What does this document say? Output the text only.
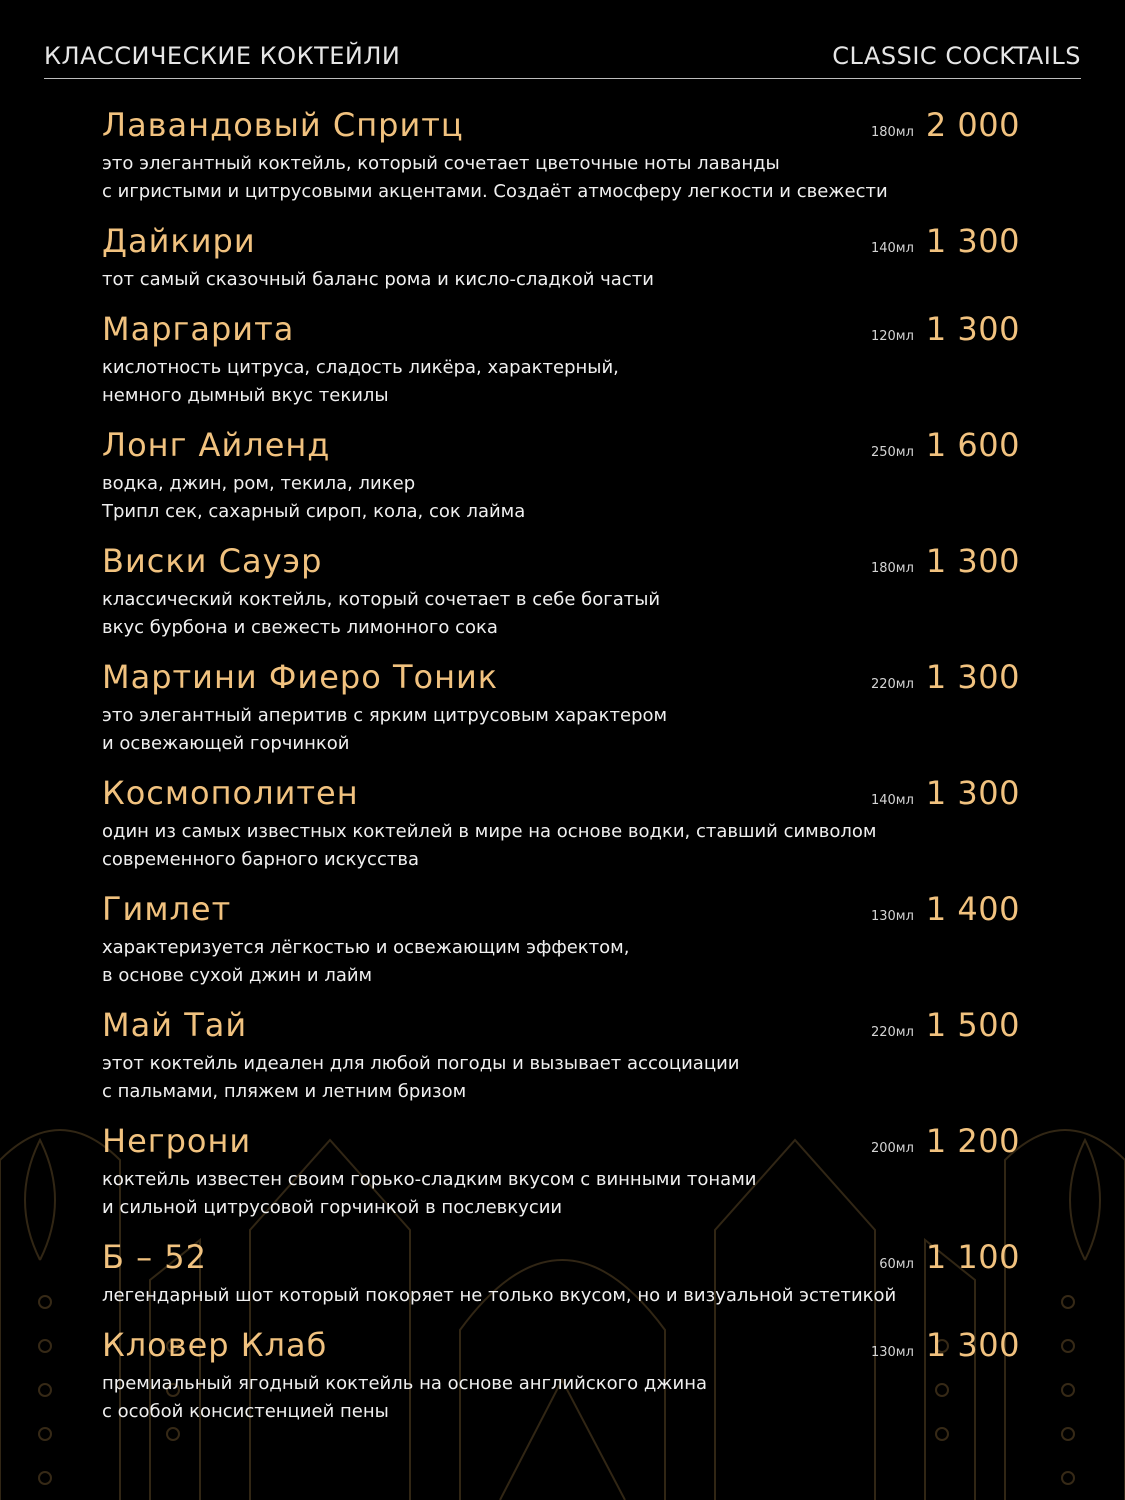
КЛАССИЧЕСКИЕ КОКТЕЙЛИ	CLASSIC COCKTAILS
Лавандовый Спритц	180мл 2 000
это элегантный коктейль, который сочетает цветочные ноты лаванды
с игристыми и цитрусовыми акцентами. Создаёт атмосферу легкости и свежести
Дайкири	140мл 1 300
тот самый сказочный баланс рома и кисло-сладкой части
Маргарита	120мл 1 300
кислотность цитруса, сладость ликёра, характерный,
немного дымный вкус текилы
Лонг Айленд	250мл 1 600
водка, джин, ром, текила, ликер
Трипл сек, сахарный сироп, кола, сок лайма
Виски Сауэр	180мл 1 300
классический коктейль, который сочетает в себе богатый
вкус бурбона и свежесть лимонного сока
Мартини Фиеро Тоник	220мл 1 300
это элегантный аперитив с ярким цитрусовым характером
и освежающей горчинкой
Космополитен	140мл 1 300
один из самых известных коктейлей в мире на основе водки, ставший символом
современного барного искусства
Гимлет	130мл 1 400
характеризуется лёгкостью и освежающим эффектом,
в основе сухой джин и лайм
Май Тай	220мл 1 500
этот коктейль идеален для любой погоды и вызывает ассоциации
с пальмами, пляжем и летним бризом
Негрони	200мл 1 200
коктейль известен своим горько-сладким вкусом с винными тонами
и сильной цитрусовой горчинкой в послевкусии
Б – 52	60мл 1 100
легендарный шот который покоряет не только вкусом, но и визуальной эстетикой
Кловер Клаб	130мл 1 300
премиальный ягодный коктейль на основе английского джина
с особой консистенцией пены
